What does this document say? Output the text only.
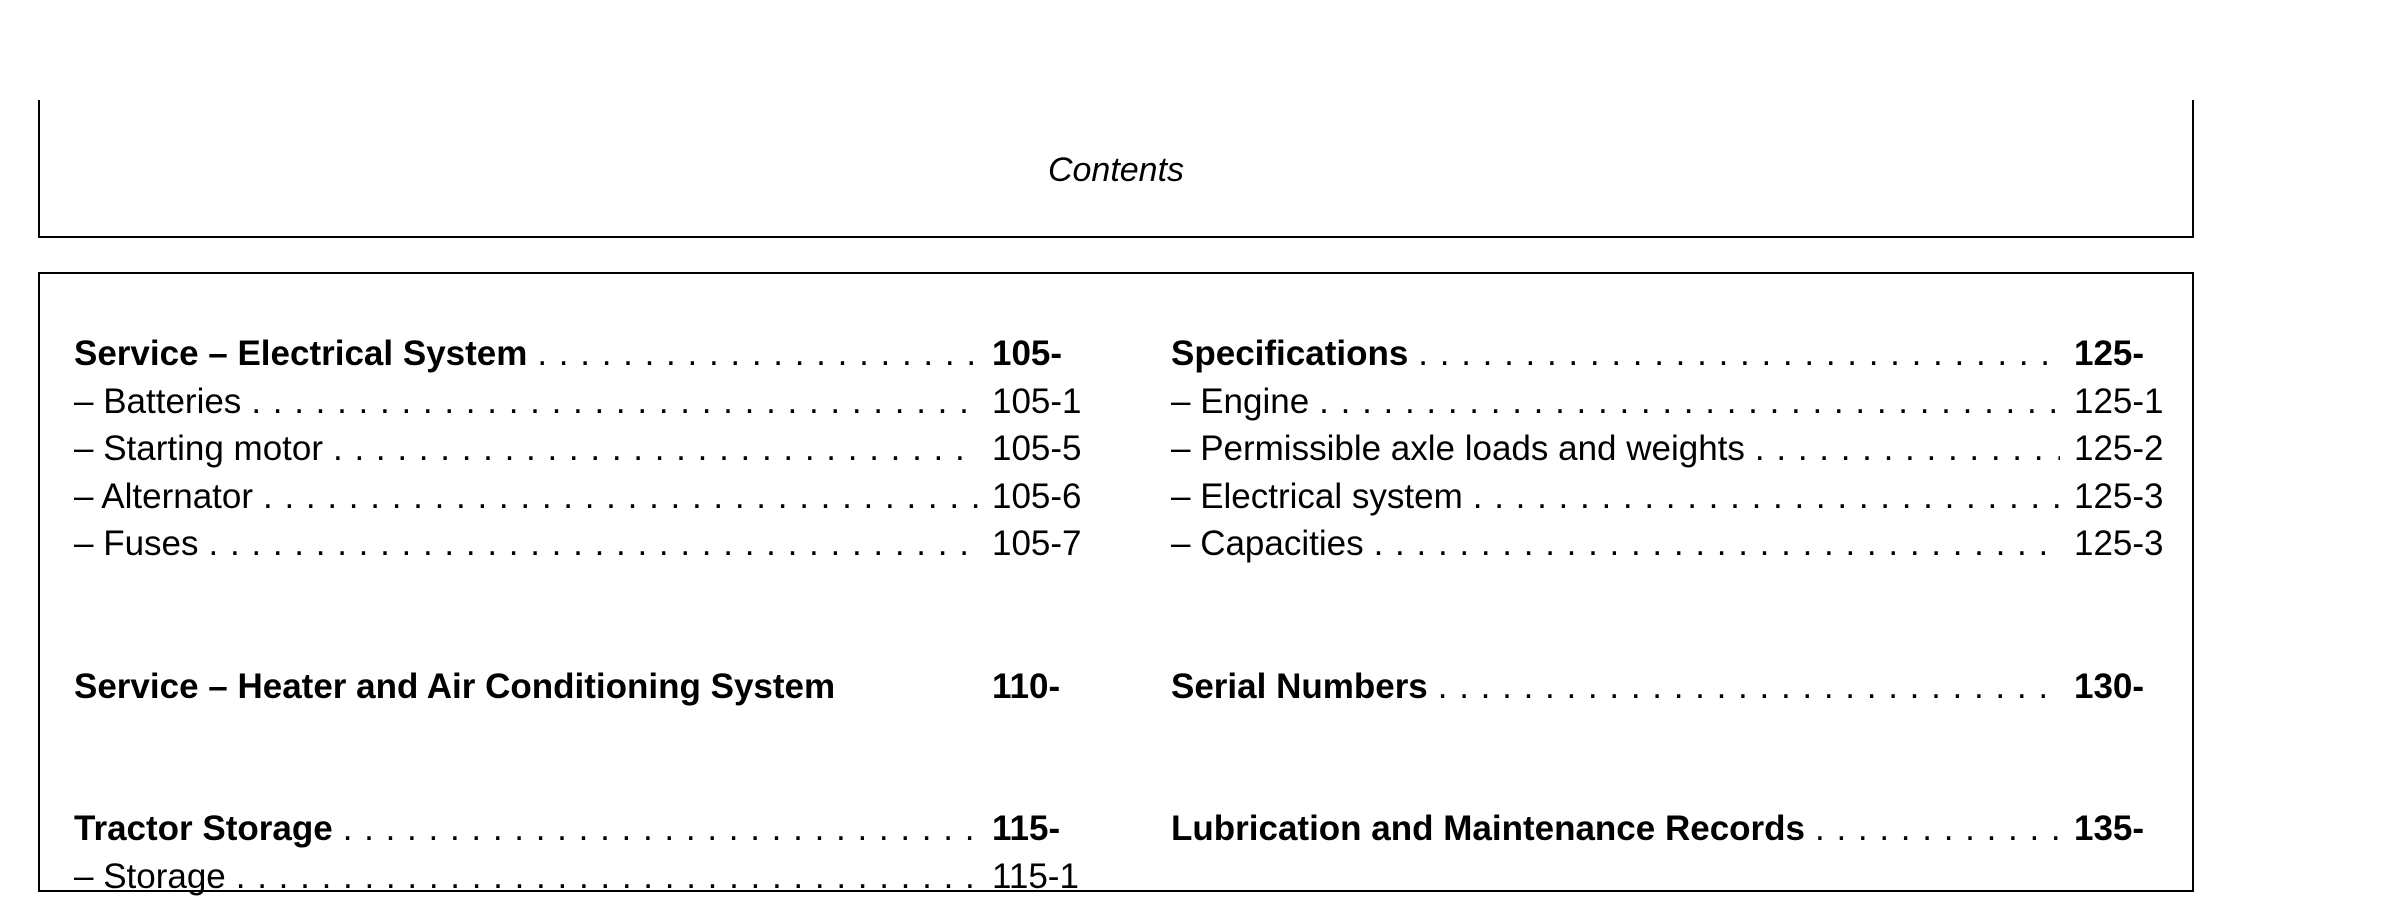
Contents
Service – Electrical System . . .	105-
– Batteries . . .	105-1
– Starting motor . . .	105-5
– Alternator . . .	105-6
– Fuses . . .	105-7
Service – Heater and Air Conditioning System	110-
Tractor Storage . . .	115-
– Storage . . .	115-1
Specifications . . .	125-
– Engine . . .	125-1
– Permissible axle loads and weights . . .	125-2
– Electrical system . . .	125-3
– Capacities . . .	125-3
Serial Numbers . . .	130-
Lubrication and Maintenance Records . . .	135-
